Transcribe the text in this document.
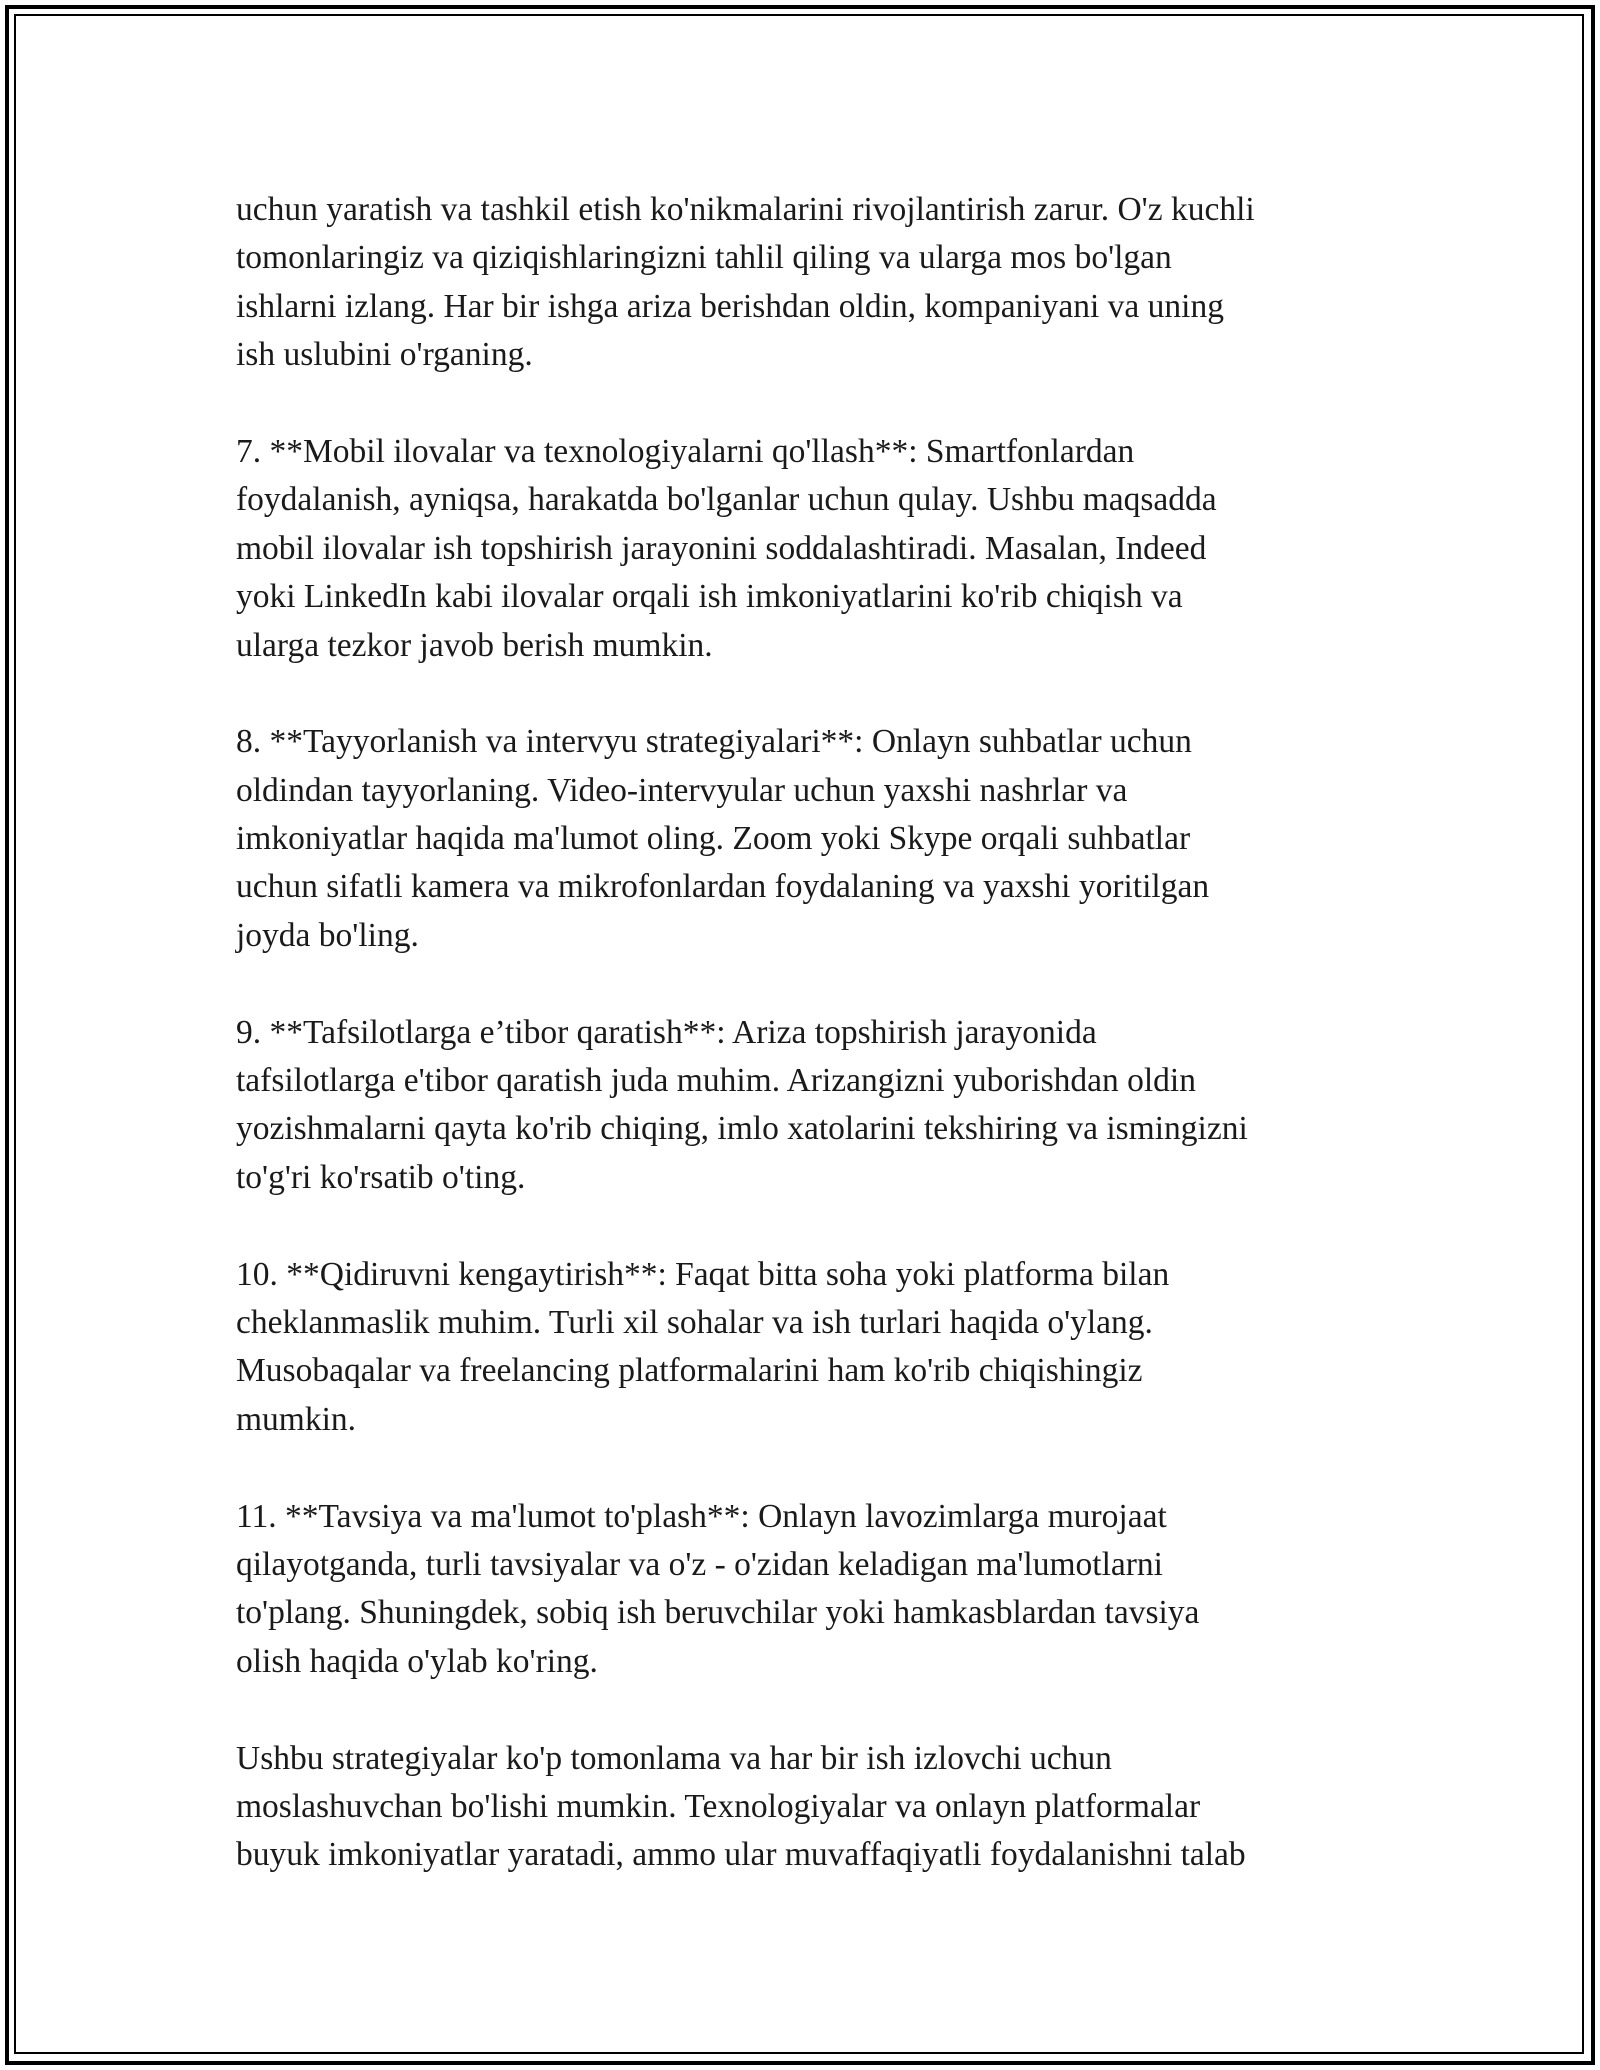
uchun yaratish va tashkil etish ko'nikmalarini rivojlantirish zarur. O'z kuchli
tomonlaringiz va qiziqishlaringizni tahlil qiling va ularga mos bo'lgan
ishlarni izlang. Har bir ishga ariza berishdan oldin, kompaniyani va uning
ish uslubini o'rganing.
7. **Mobil ilovalar va texnologiyalarni qo'llash**: Smartfonlardan
foydalanish, ayniqsa, harakatda bo'lganlar uchun qulay. Ushbu maqsadda
mobil ilovalar ish topshirish jarayonini soddalashtiradi. Masalan, Indeed
yoki LinkedIn kabi ilovalar orqali ish imkoniyatlarini ko'rib chiqish va
ularga tezkor javob berish mumkin.
8. **Tayyorlanish va intervyu strategiyalari**: Onlayn suhbatlar uchun
oldindan tayyorlaning. Video-intervyular uchun yaxshi nashrlar va
imkoniyatlar haqida ma'lumot oling. Zoom yoki Skype orqali suhbatlar
uchun sifatli kamera va mikrofonlardan foydalaning va yaxshi yoritilgan
joyda bo'ling.
9. **Tafsilotlarga e’tibor qaratish**: Ariza topshirish jarayonida
tafsilotlarga e'tibor qaratish juda muhim. Arizangizni yuborishdan oldin
yozishmalarni qayta ko'rib chiqing, imlo xatolarini tekshiring va ismingizni
to'g'ri ko'rsatib o'ting.
10. **Qidiruvni kengaytirish**: Faqat bitta soha yoki platforma bilan
cheklanmaslik muhim. Turli xil sohalar va ish turlari haqida o'ylang.
Musobaqalar va freelancing platformalarini ham ko'rib chiqishingiz
mumkin.
11. **Tavsiya va ma'lumot to'plash**: Onlayn lavozimlarga murojaat
qilayotganda, turli tavsiyalar va o'z - o'zidan keladigan ma'lumotlarni
to'plang. Shuningdek, sobiq ish beruvchilar yoki hamkasblardan tavsiya
olish haqida o'ylab ko'ring.
Ushbu strategiyalar ko'p tomonlama va har bir ish izlovchi uchun
moslashuvchan bo'lishi mumkin. Texnologiyalar va onlayn platformalar
buyuk imkoniyatlar yaratadi, ammo ular muvaffaqiyatli foydalanishni talab
